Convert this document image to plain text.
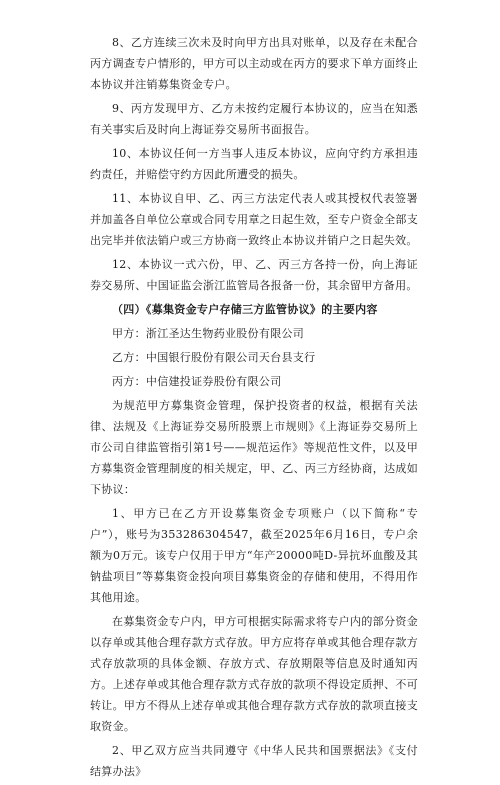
8、乙方连续三次未及时向甲方出具对账单，以及存在未配合丙方调查专户情形的，甲方可以主动或在丙方的要求下单方面终止本协议并注销募集资金专户。

9、丙方发现甲方、乙方未按约定履行本协议的，应当在知悉有关事实后及时向上海证券交易所书面报告。

10、本协议任何一方当事人违反本协议，应向守约方承担违约责任，并赔偿守约方因此所遭受的损失。

11、本协议自甲、乙、丙三方法定代表人或其授权代表签署并加盖各自单位公章或合同专用章之日起生效，至专户资金全部支出完毕并依法销户或三方协商一致终止本协议并销户之日起失效。

12、本协议一式六份，甲、乙、丙三方各持一份，向上海证券交易所、中国证监会浙江监管局各报备一份，其余留甲方备用。

（四）《募集资金专户存储三方监管协议》的主要内容

甲方：浙江圣达生物药业股份有限公司

乙方：中国银行股份有限公司天台县支行

丙方：中信建投证券股份有限公司

为规范甲方募集资金管理，保护投资者的权益，根据有关法律、法规及《上海证券交易所股票上市规则》《上海证券交易所上市公司自律监管指引第1号——规范运作》等规范性文件，以及甲方募集资金管理制度的相关规定，甲、乙、丙三方经协商，达成如下协议：

1、甲方已在乙方开设募集资金专项账户（以下简称“专户”），账号为353286304547，截至2025年6月16日，专户余额为0万元。该专户仅用于甲方“年产20000吨D-异抗坏血酸及其钠盐项目”等募集资金投向项目募集资金的存储和使用，不得用作其他用途。

在募集资金专户内，甲方可根据实际需求将专户内的部分资金以存单或其他合理存款方式存放。甲方应将存单或其他合理存款方式存放款项的具体金额、存放方式、存放期限等信息及时通知丙方。上述存单或其他合理存款方式存放的款项不得设定质押、不可转让。甲方不得从上述存单或其他合理存款方式存放的款项直接支取资金。

2、甲乙双方应当共同遵守《中华人民共和国票据法》《支付结算办法》
